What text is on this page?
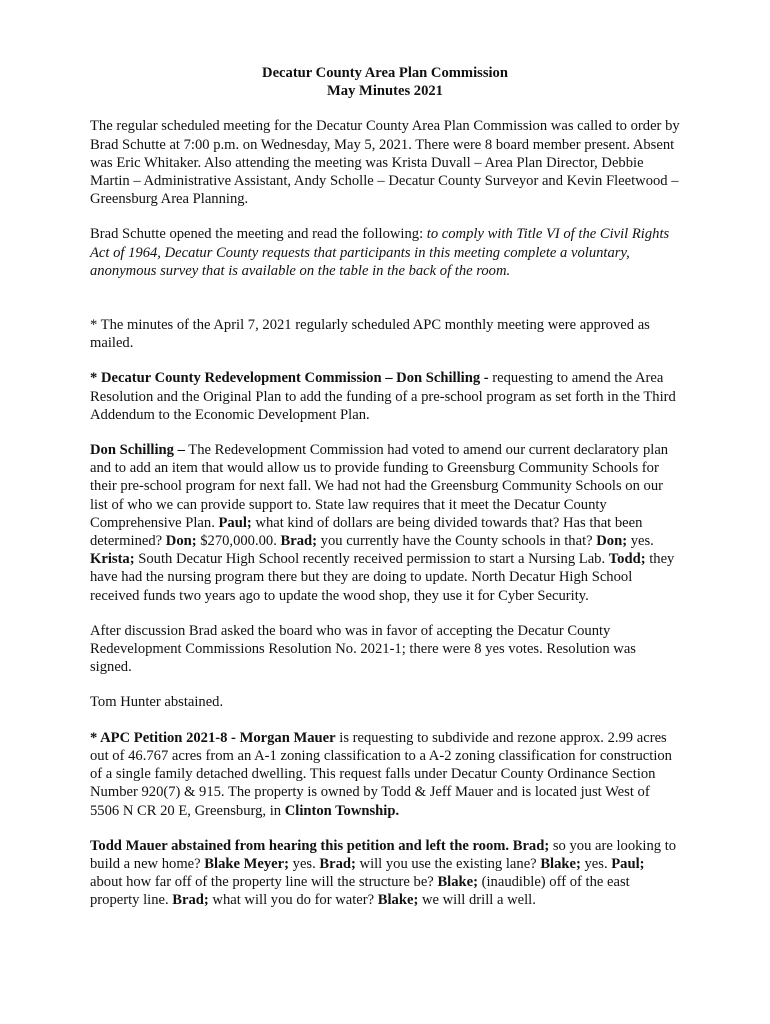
Decatur County Area Plan Commission

May Minutes 2021

The regular scheduled meeting for the Decatur County Area Plan Commission was called to order by Brad Schutte at 7:00 p.m. on Wednesday, May 5, 2021. There were 8 board member present. Absent was Eric Whitaker. Also attending the meeting was Krista Duvall – Area Plan Director, Debbie Martin – Administrative Assistant, Andy Scholle – Decatur County Surveyor and Kevin Fleetwood – Greensburg Area Planning.

Brad Schutte opened the meeting and read the following: to comply with Title VI of the Civil Rights Act of 1964, Decatur County requests that participants in this meeting complete a voluntary, anonymous survey that is available on the table in the back of the room.

* The minutes of the April 7, 2021 regularly scheduled APC monthly meeting were approved as mailed.

* Decatur County Redevelopment Commission – Don Schilling - requesting to amend the Area Resolution and the Original Plan to add the funding of a pre-school program as set forth in the Third Addendum to the Economic Development Plan.

Don Schilling – The Redevelopment Commission had voted to amend our current declaratory plan and to add an item that would allow us to provide funding to Greensburg Community Schools for their pre-school program for next fall. We had not had the Greensburg Community Schools on our list of who we can provide support to. State law requires that it meet the Decatur County Comprehensive Plan. Paul; what kind of dollars are being divided towards that? Has that been determined? Don; $270,000.00. Brad; you currently have the County schools in that? Don; yes. Krista; South Decatur High School recently received permission to start a Nursing Lab. Todd; they have had the nursing program there but they are doing to update. North Decatur High School received funds two years ago to update the wood shop, they use it for Cyber Security.

After discussion Brad asked the board who was in favor of accepting the Decatur County Redevelopment Commissions Resolution No. 2021-1; there were 8 yes votes. Resolution was signed.

Tom Hunter abstained.

* APC Petition 2021-8 - Morgan Mauer is requesting to subdivide and rezone approx. 2.99 acres out of 46.767 acres from an A-1 zoning classification to a A-2 zoning classification for construction of a single family detached dwelling. This request falls under Decatur County Ordinance Section Number 920(7) & 915. The property is owned by Todd & Jeff Mauer and is located just West of 5506 N CR 20 E, Greensburg, in Clinton Township.

Todd Mauer abstained from hearing this petition and left the room. Brad; so you are looking to build a new home? Blake Meyer; yes. Brad; will you use the existing lane? Blake; yes. Paul; about how far off of the property line will the structure be? Blake; (inaudible) off of the east property line. Brad; what will you do for water? Blake; we will drill a well.
